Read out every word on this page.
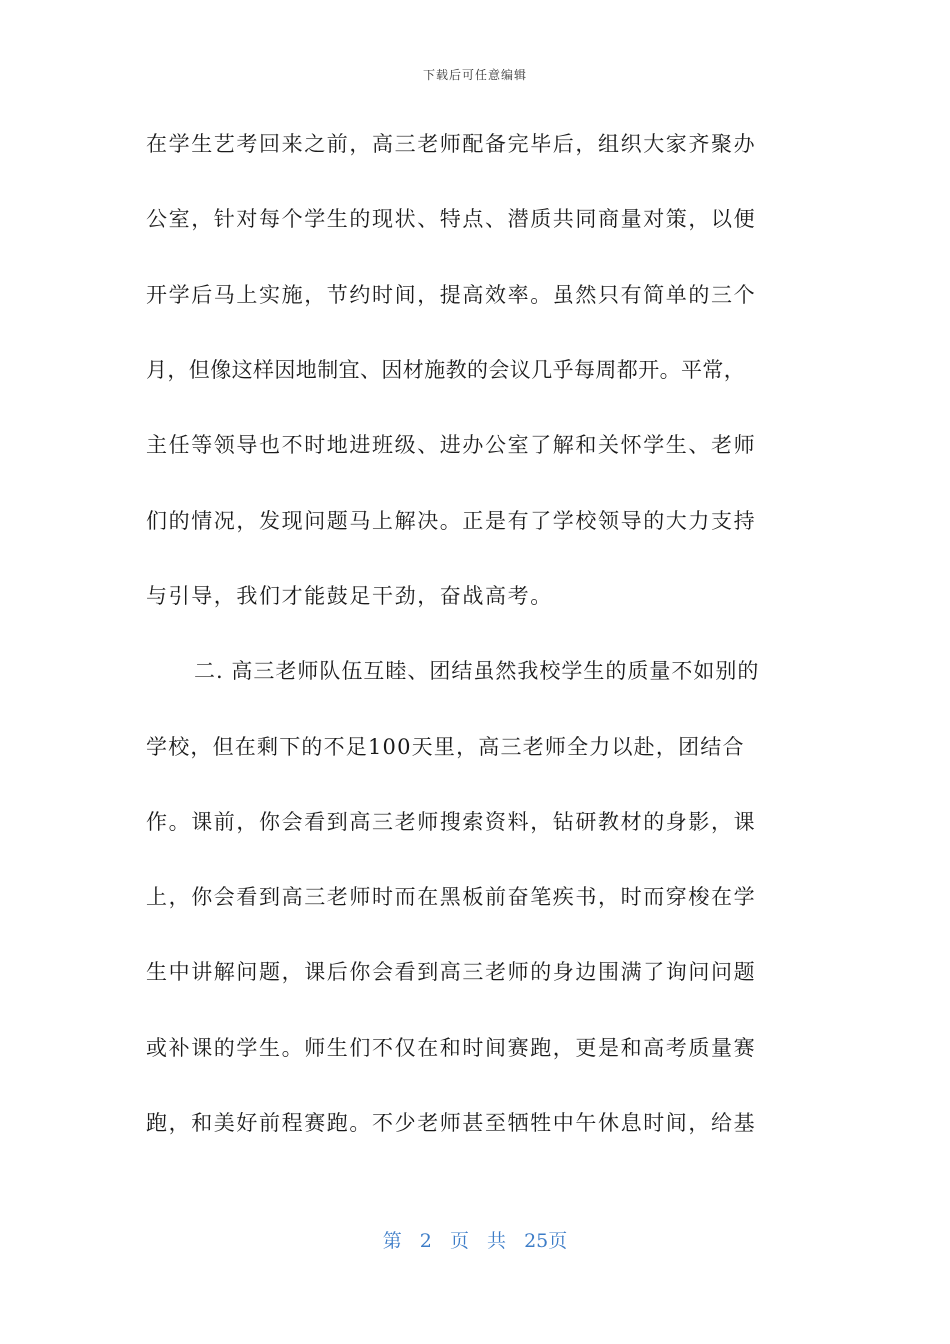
下载后可任意编辑
在学生艺考回来之前，高三老师配备完毕后，组织大家齐聚办
公室，针对每个学生的现状、特点、潜质共同商量对策，以便
开学后马上实施，节约时间，提高效率。虽然只有简单的三个
月，但像这样因地制宜、因材施教的会议几乎每周都开。平常，
主任等领导也不时地进班级、进办公室了解和关怀学生、老师
们的情况，发现问题马上解决。正是有了学校领导的大力支持
与引导，我们才能鼓足干劲，奋战高考。
二. 高三老师队伍互睦、团结虽然我校学生的质量不如别的
学校，但在剩下的不足100天里，高三老师全力以赴，团结合
作。课前，你会看到高三老师搜索资料，钻研教材的身影，课
上，你会看到高三老师时而在黑板前奋笔疾书，时而穿梭在学
生中讲解问题，课后你会看到高三老师的身边围满了询问问题
或补课的学生。师生们不仅在和时间赛跑，更是和高考质量赛
跑，和美好前程赛跑。不少老师甚至牺牲中午休息时间，给基
第 2 页 共 25页
